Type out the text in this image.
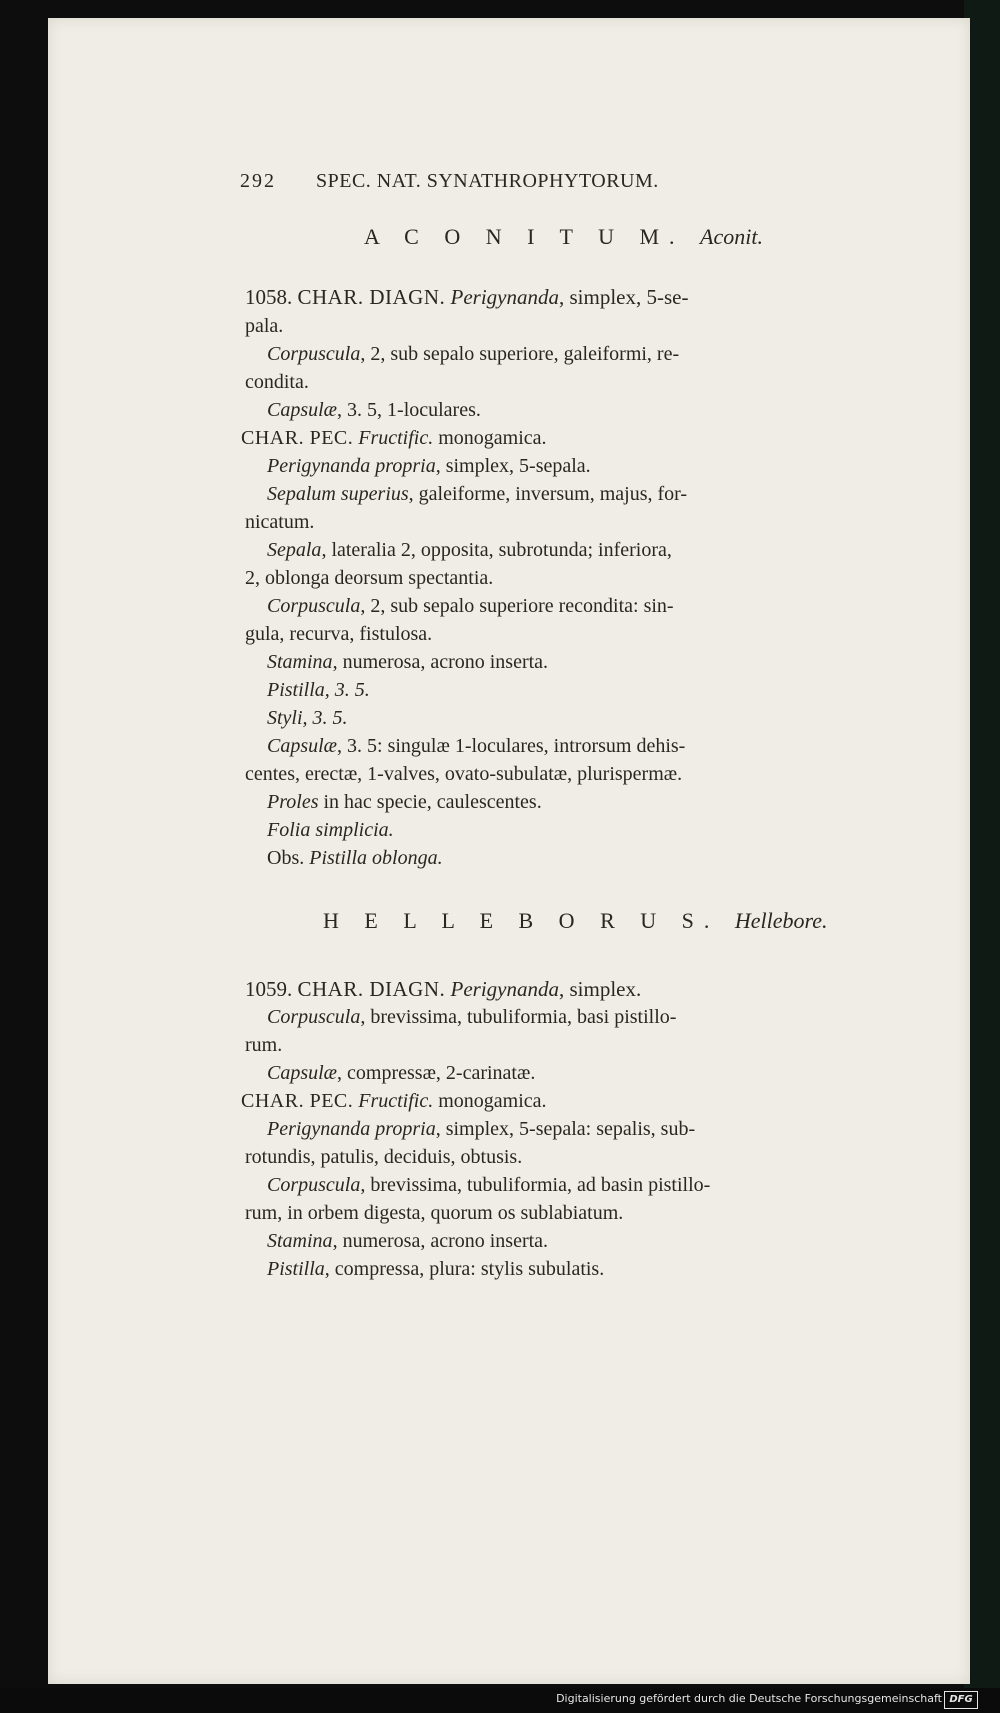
292 SPEC. NAT. SYNATHROPHYTORUM.
A C O N I T U M. Aconit.
1058. CHAR. DIAGN. Perigynanda, simplex, 5-se-
pala.
Corpuscula, 2, sub sepalo superiore, galeiformi, re-
condita.
Capsulæ, 3. 5, 1-loculares.
CHAR. PEC. Fructific. monogamica.
Perigynanda propria, simplex, 5-sepala.
Sepalum superius, galeiforme, inversum, majus, for-
nicatum.
Sepala, lateralia 2, opposita, subrotunda; inferiora,
2, oblonga deorsum spectantia.
Corpuscula, 2, sub sepalo superiore recondita: sin-
gula, recurva, fistulosa.
Stamina, numerosa, acrono inserta.
Pistilla, 3. 5.
Styli, 3. 5.
Capsulæ, 3. 5: singulæ 1-loculares, introrsum dehis-
centes, erectæ, 1-valves, ovato-subulatæ, plurispermæ.
Proles in hac specie, caulescentes.
Folia simplicia.
Obs. Pistilla oblonga.
H E L L E B O R U S. Hellebore.
1059. CHAR. DIAGN. Perigynanda, simplex.
Corpuscula, brevissima, tubuliformia, basi pistillo-
rum.
Capsulæ, compressæ, 2-carinatæ.
CHAR. PEC. Fructific. monogamica.
Perigynanda propria, simplex, 5-sepala: sepalis, sub-
rotundis, patulis, deciduis, obtusis.
Corpuscula, brevissima, tubuliformia, ad basin pistillo-
rum, in orbem digesta, quorum os sublabiatum.
Stamina, numerosa, acrono inserta.
Pistilla, compressa, plura: stylis subulatis.
Digitalisierung gefördert durch die Deutsche Forschungsgemeinschaft DFG
